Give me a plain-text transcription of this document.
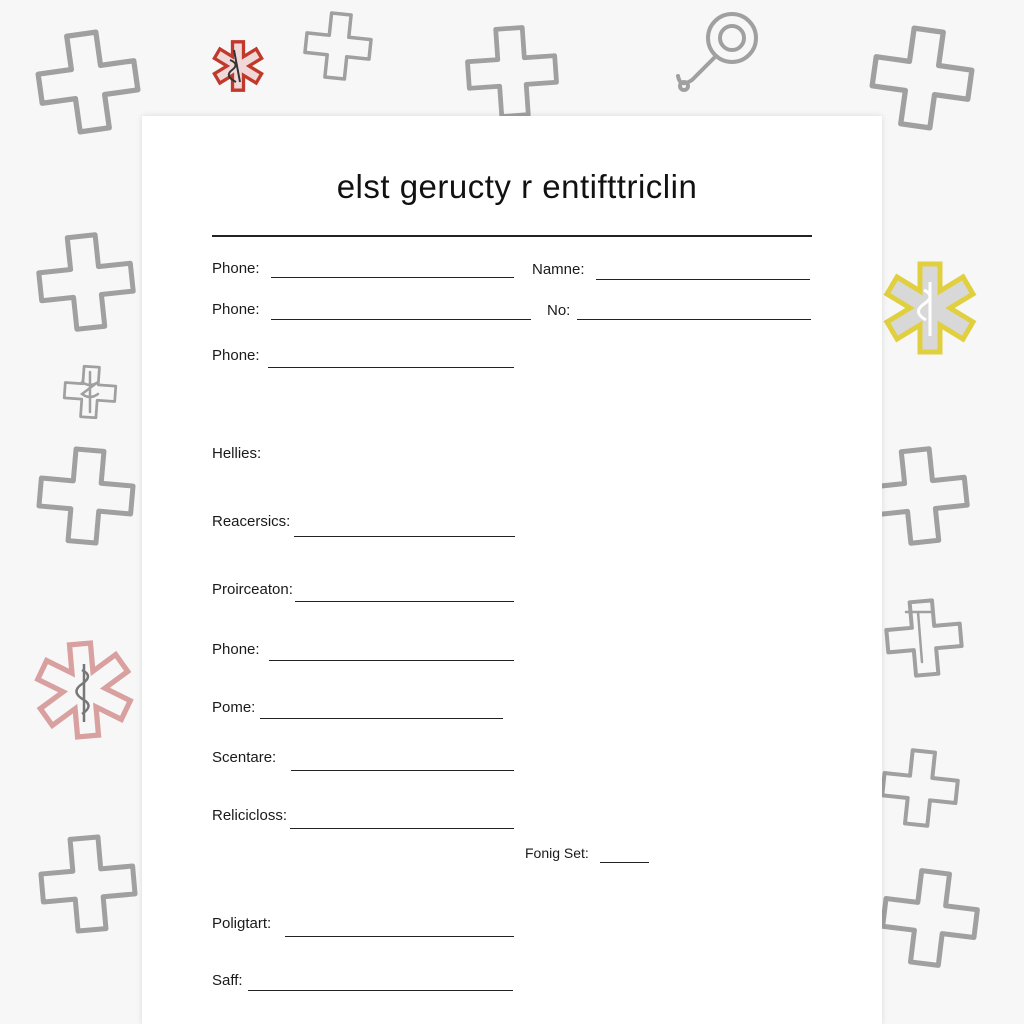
elst geructy r entifttriclin
Phone:	Namne:
Phone:	No:
Phone:
Hellies:
Reacersics:
Proirceaton:
Phone:
Pome:
Scentare:
Relicicloss:
Fonig Set:
Poligtart:
Saff:
